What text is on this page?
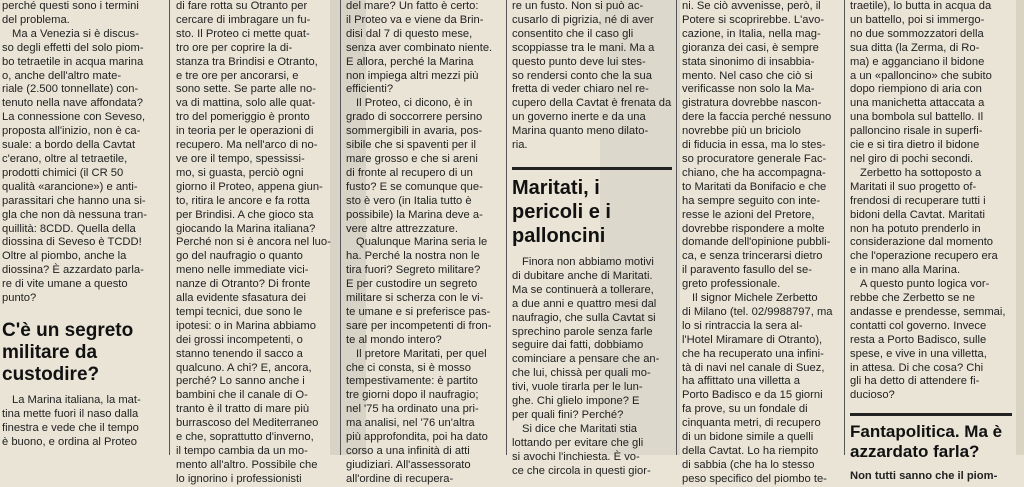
perché questi sono i termini
del problema.

Ma a Venezia si è discus-
so degli effetti del solo piom-
bo tetraetile in acqua marina
o, anche dell'altro mate-
riale (2.500 tonnellate) con-
tenuto nella nave affondata?
La connessione con Seveso,
proposta all'inizio, non è ca-
suale: a bordo della Cavtat
c'erano, oltre al tetraetile,
prodotti chimici (il CR 50
qualità «arancione») e anti-
parassitari che hanno una si-
gla che non dà nessuna tran-
quillità: 8CDD. Quella della
diossina di Seveso è TCDD!
Oltre al piombo, anche la
diossina? È azzardato parla-
re di vite umane a questo
punto?

C'è un segreto militare da custodire?

La Marina italiana, la mat-
tina mette fuori il naso dalla
finestra e vede che il tempo
è buono, e ordina al Proteo

di fare rotta su Otranto per
cercare di imbragare un fu-
sto. Il Proteo ci mette quat-
tro ore per coprire la di-
stanza tra Brindisi e Otranto,
e tre ore per ancorarsi, e
sono sette. Se parte alle no-
va di mattina, solo alle quat-
tro del pomeriggio è pronto
in teoria per le operazioni di
recupero. Ma nell'arco di no-
ve ore il tempo, spessissi-
mo, si guasta, perciò ogni
giorno il Proteo, appena giun-
to, ritira le ancore e fa rotta
per Brindisi. A che gioco sta
giocando la Marina italiana?
Perché non si è ancora nel luo-
go del naufragio o quanto
meno nelle immediate vici-
nanze di Otranto? Di fronte
alla evidente sfasatura dei
tempi tecnici, due sono le
ipotesi: o in Marina abbiamo
dei grossi incompetenti, o
stanno tenendo il sacco a
qualcuno. A chi? E, ancora,
perché? Lo sanno anche i
bambini che il canale di O-
tranto è il tratto di mare più
burrascoso del Mediterraneo
e che, soprattutto d'inverno,
il tempo cambia da un mo-
mento all'altro. Possibile che
lo ignorino i professionisti

del mare? Un fatto è certo:
il Proteo va e viene da Brin-
disi dal 7 di questo mese,
senza aver combinato niente.
E allora, perché la Marina
non impiega altri mezzi più
efficienti?

Il Proteo, ci dicono, è in
grado di soccorrere persino
sommergibili in avaria, pos-
sibile che si spaventi per il
mare grosso e che si areni
di fronte al recupero di un
fusto? E se comunque que-
sto è vero (in Italia tutto è
possibile) la Marina deve a-
vere altre attrezzature.

Qualunque Marina seria le
ha. Perché la nostra non le
tira fuori? Segreto militare?
E per custodire un segreto
militare si scherza con le vi-
te umane e si preferisce pas-
sare per incompetenti di fron-
te al mondo intero?

Il pretore Maritati, per quel
che ci consta, si è mosso
tempestivamente: è partito
tre giorni dopo il naufragio;
nel '75 ha ordinato una pri-
ma analisi, nel '76 un'altra
più approfondita, poi ha dato
corso a una infinità di atti
giudiziari. All'assessorato
all'ordine di recupera-

re un fusto. Non si può ac-
cusarlo di pigrizia, né di aver
consentito che il caso gli
scoppiasse tra le mani. Ma a
questo punto deve lui stes-
so rendersi conto che la sua
fretta di veder chiaro nel re-
cupero della Cavtat è frenata da
un governo inerte e da una
Marina quanto meno dilato-
ria.

Maritati, i pericoli e i palloncini

Finora non abbiamo motivi
di dubitare anche di Maritati.
Ma se continuerà a tollerare,
a due anni e quattro mesi dal
naufragio, che sulla Cavtat si
sprechino parole senza farle
seguire dai fatti, dobbiamo
cominciare a pensare che an-
che lui, chissà per quali mo-
tivi, vuole tirarla per le lun-
ghe. Chi glielo impone? E
per quali fini? Perché?

Si dice che Maritati stia
lottando per evitare che gli
si avochi l'inchiesta. È vo-
ce che circola in questi gior-

ni. Se ciò avvenisse, però, il
Potere si scoprirebbe. L'avo-
cazione, in Italia, nella mag-
gioranza dei casi, è sempre
stata sinonimo di insabbia-
mento. Nel caso che ciò si
verificasse non solo la Ma-
gistratura dovrebbe nascon-
dere la faccia perché nessuno
novrebbe più un briciolo
di fiducia in essa, ma lo stes-
so procuratore generale Fac-
chiano, che ha accompagna-
to Maritati da Bonifacio e che
ha sempre seguito con inte-
resse le azioni del Pretore,
dovrebbe rispondere a molte
domande dell'opinione pubbli-
ca, e senza trincerarsi dietro
il paravento fasullo del se-
greto professionale.

Il signor Michele Zerbetto
di Milano (tel. 02/9988797, ma
lo si rintraccia la sera al-
l'Hotel Miramare di Otranto),
che ha recuperato una infini-
tà di navi nel canale di Suez,
ha affittato una villetta a
Porto Badisco e da 15 giorni
fa prove, su un fondale di
cinquanta metri, di recupero
di un bidone simile a quelli
della Cavtat. Lo ha riempito
di sabbia (che ha lo stesso
peso specifico del piombo te-

traetile), lo butta in acqua da
un battello, poi si immergo-
no due sommozzatori della
sua ditta (la Zerma, di Ro-
ma) e agganciano il bidone
a un «palloncino» che subito
dopo riempiono di aria con
una manichetta attaccata a
una bombola sul battello. Il
palloncino risale in superfi-
cie e si tira dietro il bidone
nel giro di pochi secondi.

Zerbetto ha sottoposto a
Maritati il suo progetto of-
frendosi di recuperare tutti i
bidoni della Cavtat. Maritati
non ha potuto prenderlo in
considerazione dal momento
che l'operazione recupero era
e in mano alla Marina.

A questo punto logica vor-
rebbe che Zerbetto se ne
andasse e prendesse, semmai,
contatti col governo. Invece
resta a Porto Badisco, sulle
spese, e vive in una villetta,
in attesa. Di che cosa? Chi
gli ha detto di attendere fi-
ducioso?

Fantapolitica. Ma è azzardato farla?

Non tutti sanno che il piom-
